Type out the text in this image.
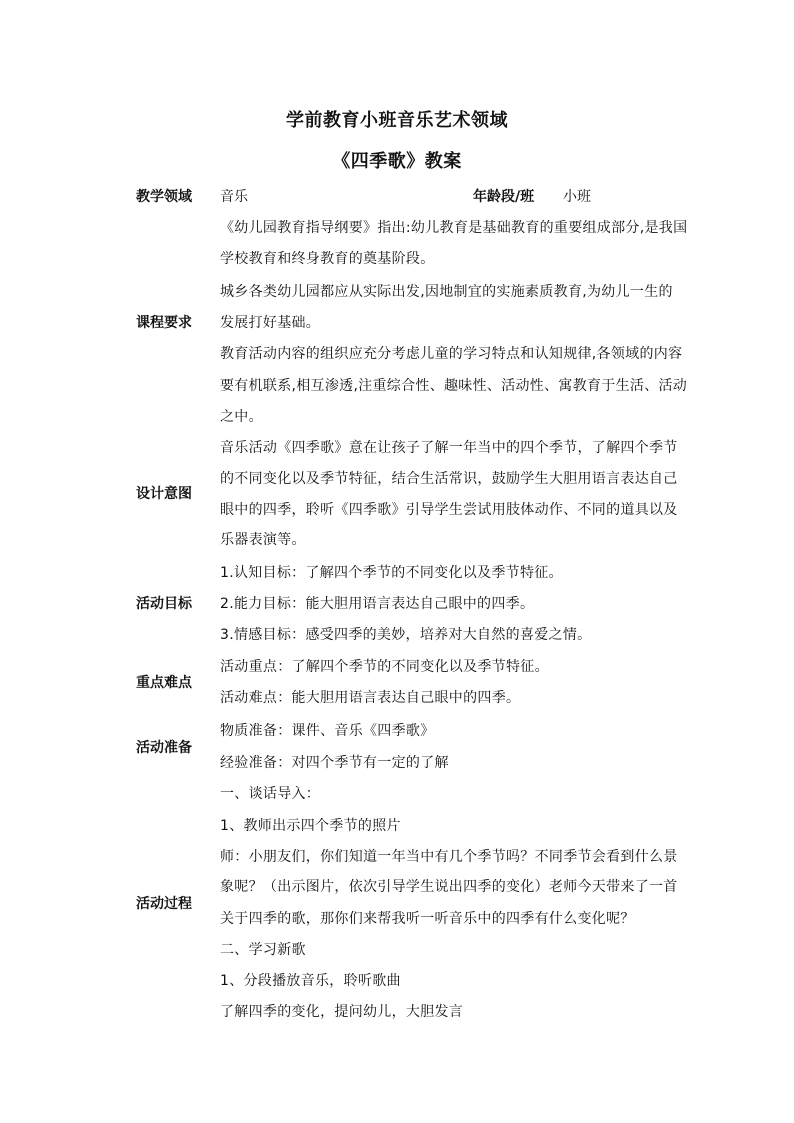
学前教育小班音乐艺术领域
《四季歌》教案
教学领域	音乐	年龄段/班 小班
课程要求
《幼儿园教育指导纲要》指出:幼儿教育是基础教育的重要组成部分,是我国
学校教育和终身教育的奠基阶段。
城乡各类幼儿园都应从实际出发,因地制宜的实施素质教育,为幼儿一生的
发展打好基础。
教育活动内容的组织应充分考虑儿童的学习特点和认知规律,各领域的内容
要有机联系,相互渗透,注重综合性、趣味性、活动性、寓教育于生活、活动
之中。
设计意图
音乐活动《四季歌》意在让孩子了解一年当中的四个季节，了解四个季节
的不同变化以及季节特征，结合生活常识，鼓励学生大胆用语言表达自己
眼中的四季，聆听《四季歌》引导学生尝试用肢体动作、不同的道具以及
乐器表演等。
活动目标
1.认知目标：了解四个季节的不同变化以及季节特征。
2.能力目标：能大胆用语言表达自己眼中的四季。
3.情感目标：感受四季的美妙，培养对大自然的喜爱之情。
重点难点
活动重点：了解四个季节的不同变化以及季节特征。
活动难点：能大胆用语言表达自己眼中的四季。
活动准备
物质准备：课件、音乐《四季歌》
经验准备：对四个季节有一定的了解
活动过程
一、谈话导入：
1、教师出示四个季节的照片
师：小朋友们，你们知道一年当中有几个季节吗？不同季节会看到什么景
象呢？（出示图片，依次引导学生说出四季的变化）老师今天带来了一首
关于四季的歌，那你们来帮我听一听音乐中的四季有什么变化呢？
二、学习新歌
1、分段播放音乐，聆听歌曲
了解四季的变化，提问幼儿，大胆发言
